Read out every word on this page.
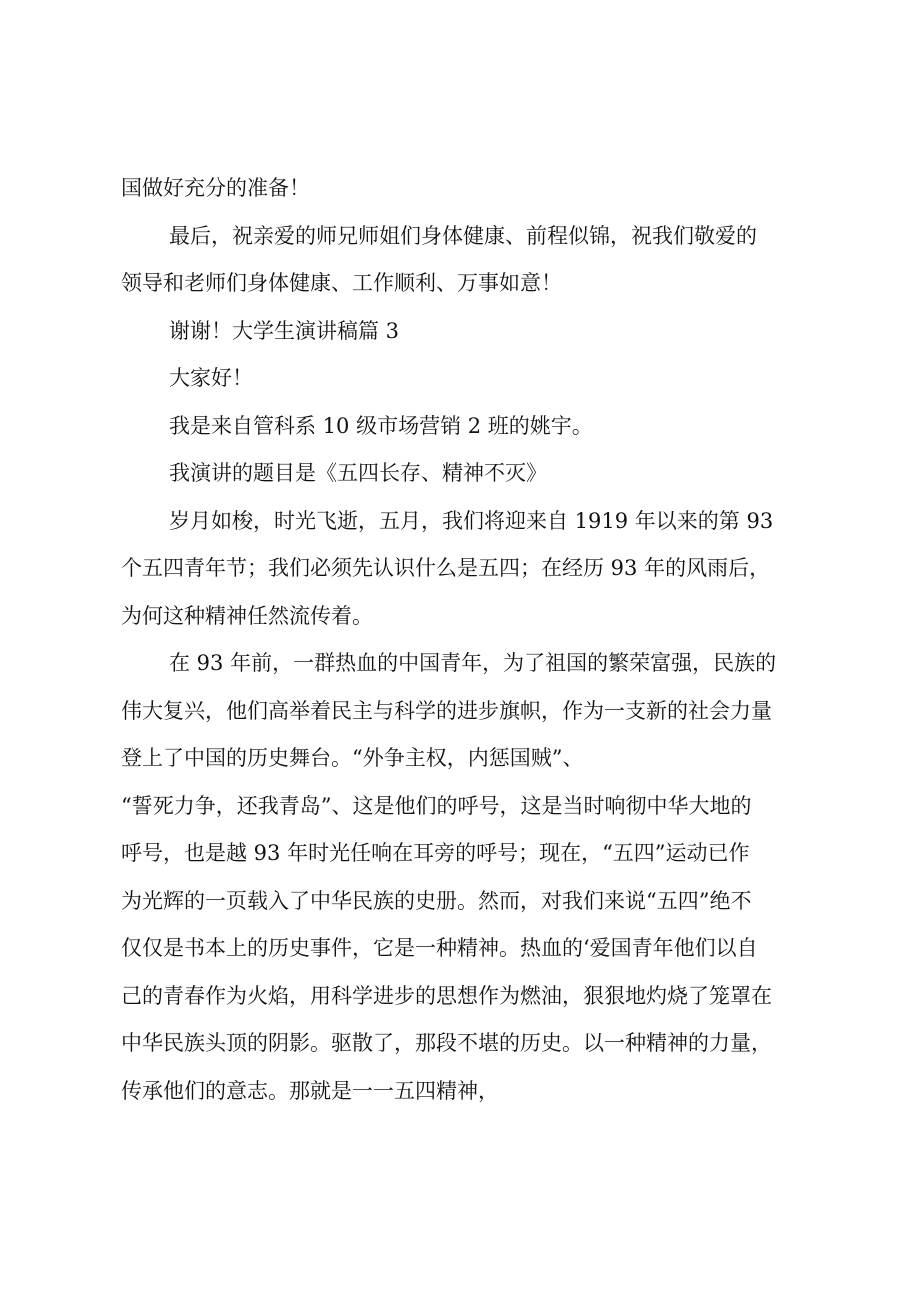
国做好充分的准备！
最后，祝亲爱的师兄师姐们身体健康、前程似锦，祝我们敬爱的
领导和老师们身体健康、工作顺利、万事如意！
谢谢！大学生演讲稿篇 3
大家好！
我是来自管科系 10 级市场营销 2 班的姚宇。
我演讲的题目是《五四长存、精神不灭》
岁月如梭，时光飞逝，五月，我们将迎来自 1919 年以来的第 93
个五四青年节；我们必须先认识什么是五四；在经历 93 年的风雨后，
为何这种精神任然流传着。
在 93 年前，一群热血的中国青年，为了祖国的繁荣富强，民族的
伟大复兴，他们高举着民主与科学的进步旗帜，作为一支新的社会力量
登上了中国的历史舞台。“外争主权，内惩国贼”、
“誓死力争，还我青岛”、这是他们的呼号，这是当时响彻中华大地的
呼号，也是越 93 年时光任响在耳旁的呼号；现在，“五四”运动已作
为光辉的一页载入了中华民族的史册。然而，对我们来说“五四”绝不
仅仅是书本上的历史事件，它是一种精神。热血的‘爱国青年他们以自
己的青春作为火焰，用科学进步的思想作为燃油，狠狠地灼烧了笼罩在
中华民族头顶的阴影。驱散了，那段不堪的历史。以一种精神的力量，
传承他们的意志。那就是一一五四精神，
